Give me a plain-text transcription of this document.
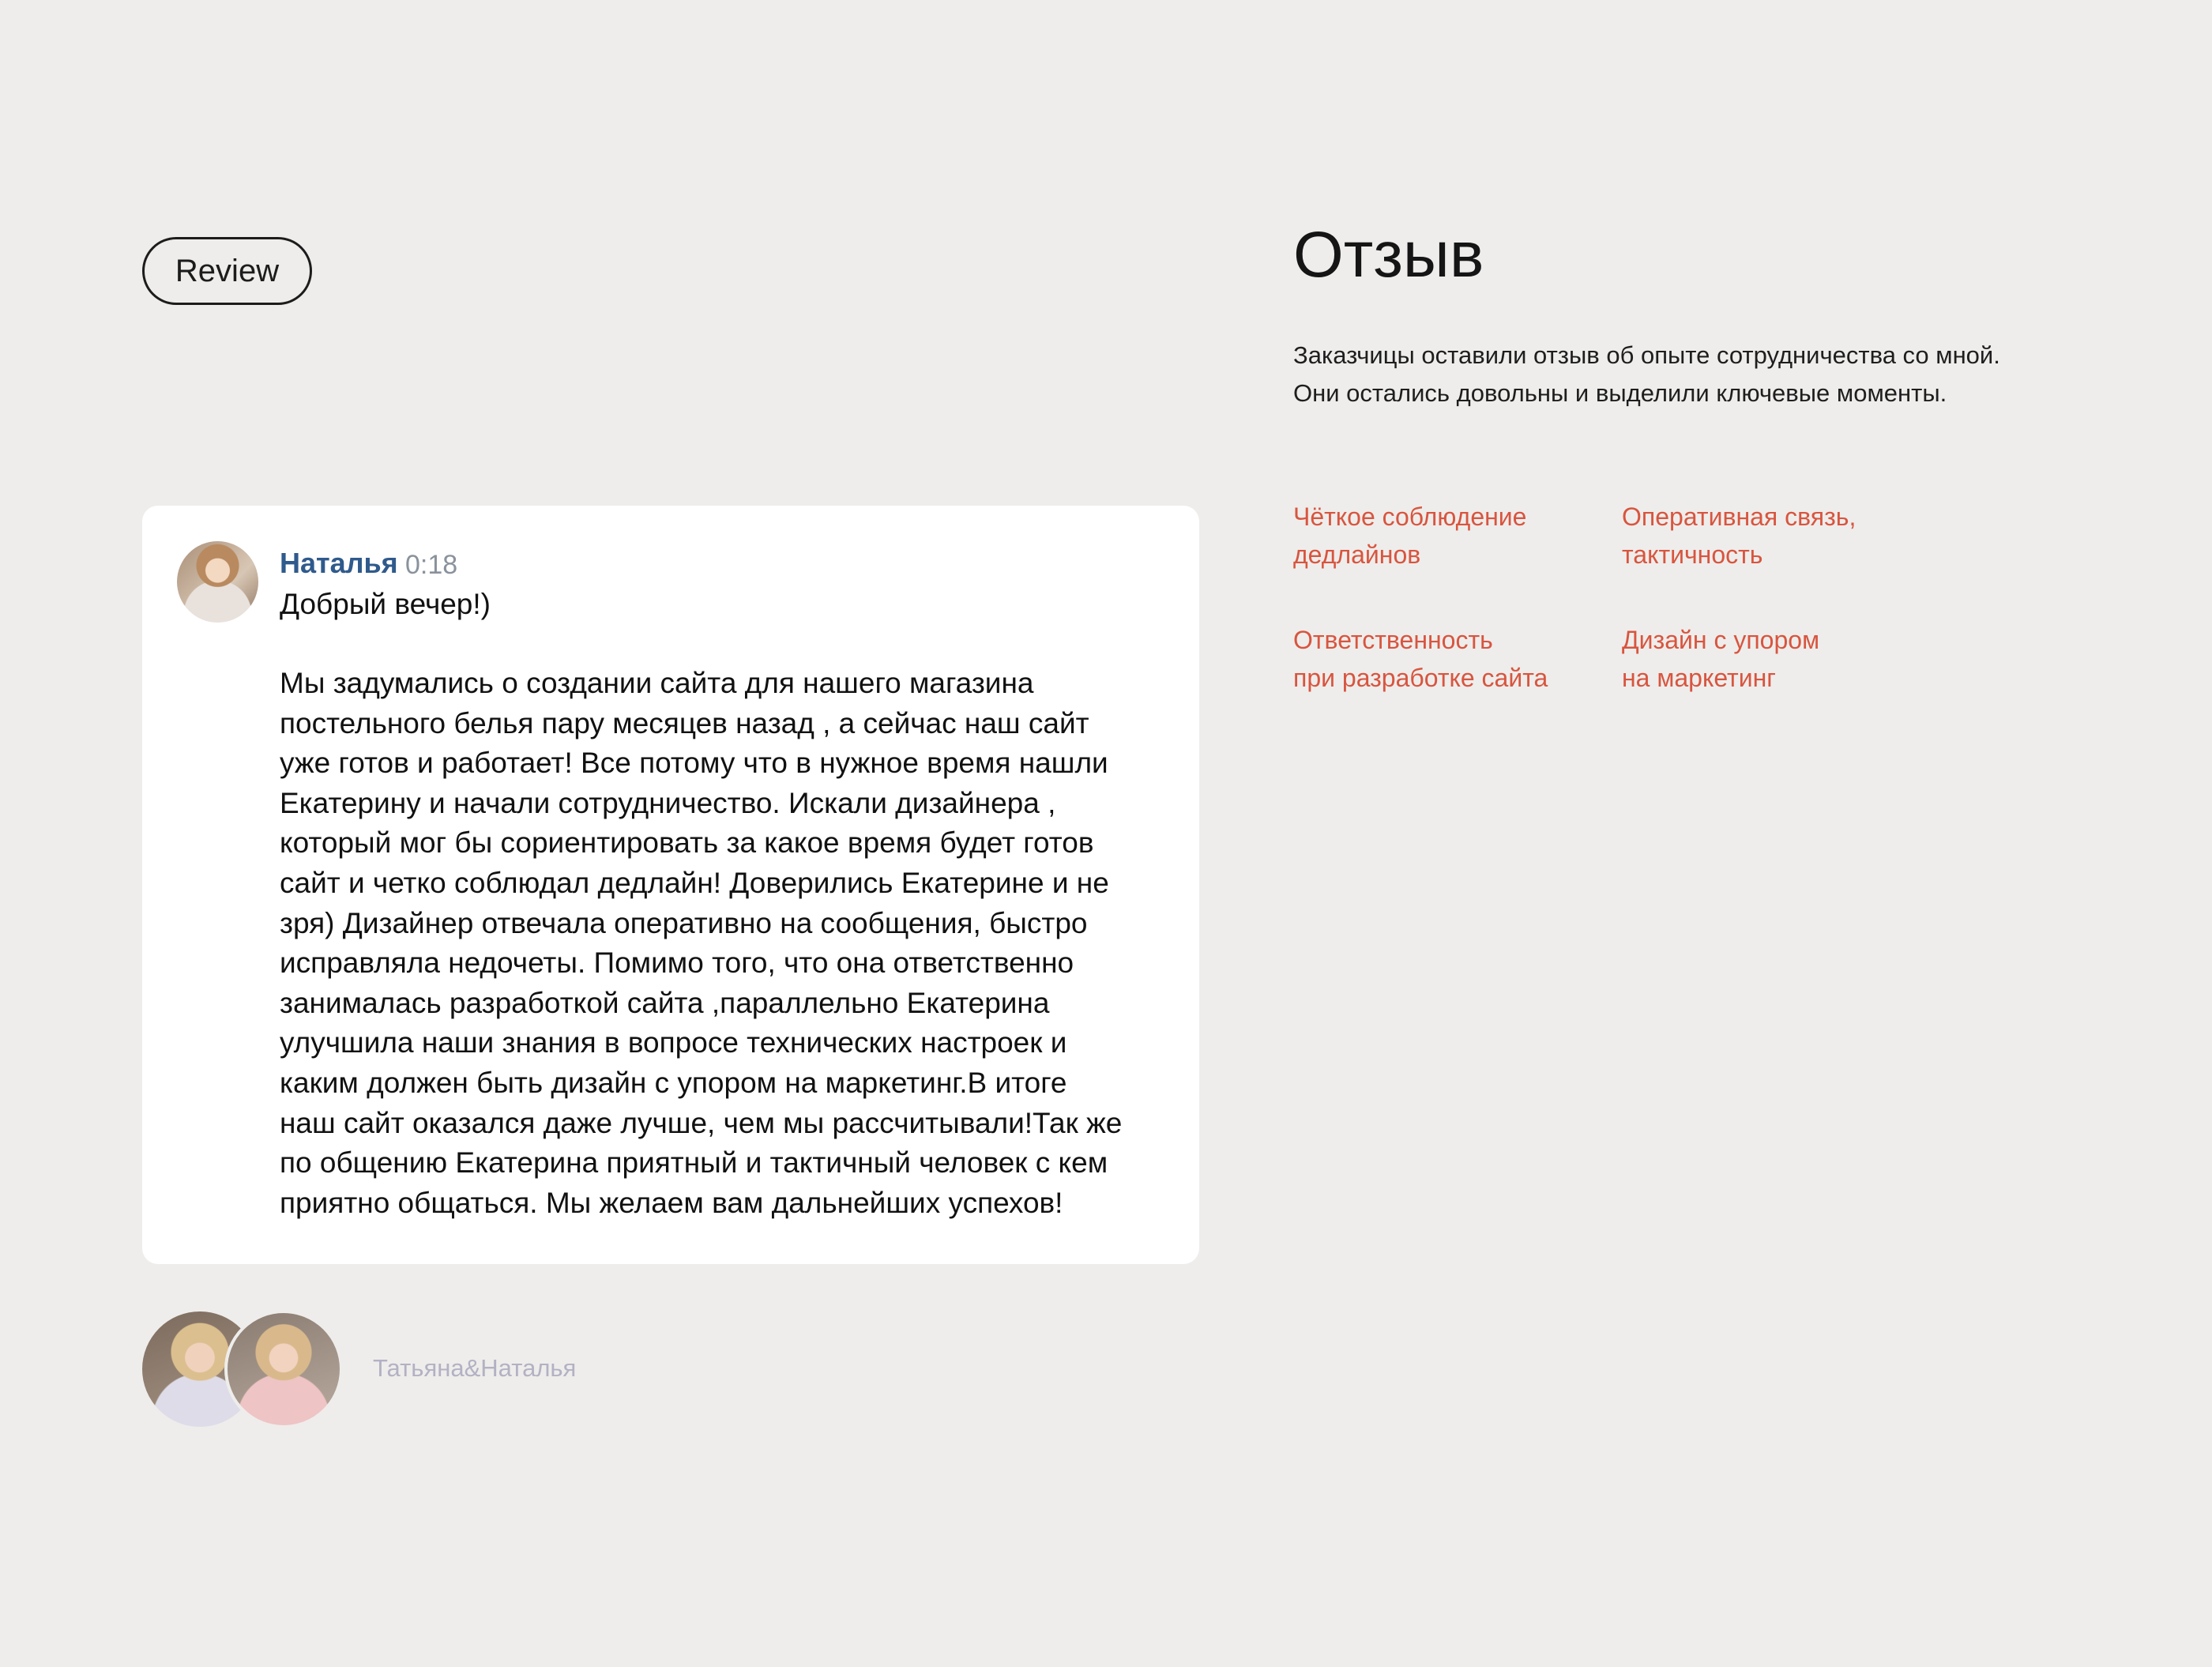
Review
Наталья 0:18
Добрый вечер!)
Мы задумались о создании сайта для нашего магазина
постельного белья пару месяцев назад , а сейчас наш сайт
уже готов и работает! Все потому что в нужное время нашли
Екатерину и начали сотрудничество. Искали дизайнера ,
который мог бы сориентировать за какое время будет готов
сайт и четко соблюдал дедлайн! Доверились Екатерине и не
зря) Дизайнер отвечала оперативно на сообщения, быстро
исправляла недочеты. Помимо того, что она ответственно
занималась разработкой сайта ,параллельно Екатерина
улучшила наши знания в вопросе технических настроек и
каким должен быть дизайн с упором на маркетинг.В итоге
наш сайт оказался даже лучше, чем мы рассчитывали!Так же
по общению Екатерина приятный и тактичный человек с кем
приятно общаться. Мы желаем вам дальнейших успехов!
Татьяна&Наталья
Отзыв

Заказчицы оставили отзыв об опыте сотрудничества со мной.

Они остались довольны и выделили ключевые моменты.

Чёткое соблюдение
дедлайнов
Оперативная связь,
тактичность
Ответственность
при разработке сайта
Дизайн с упором
на маркетинг
